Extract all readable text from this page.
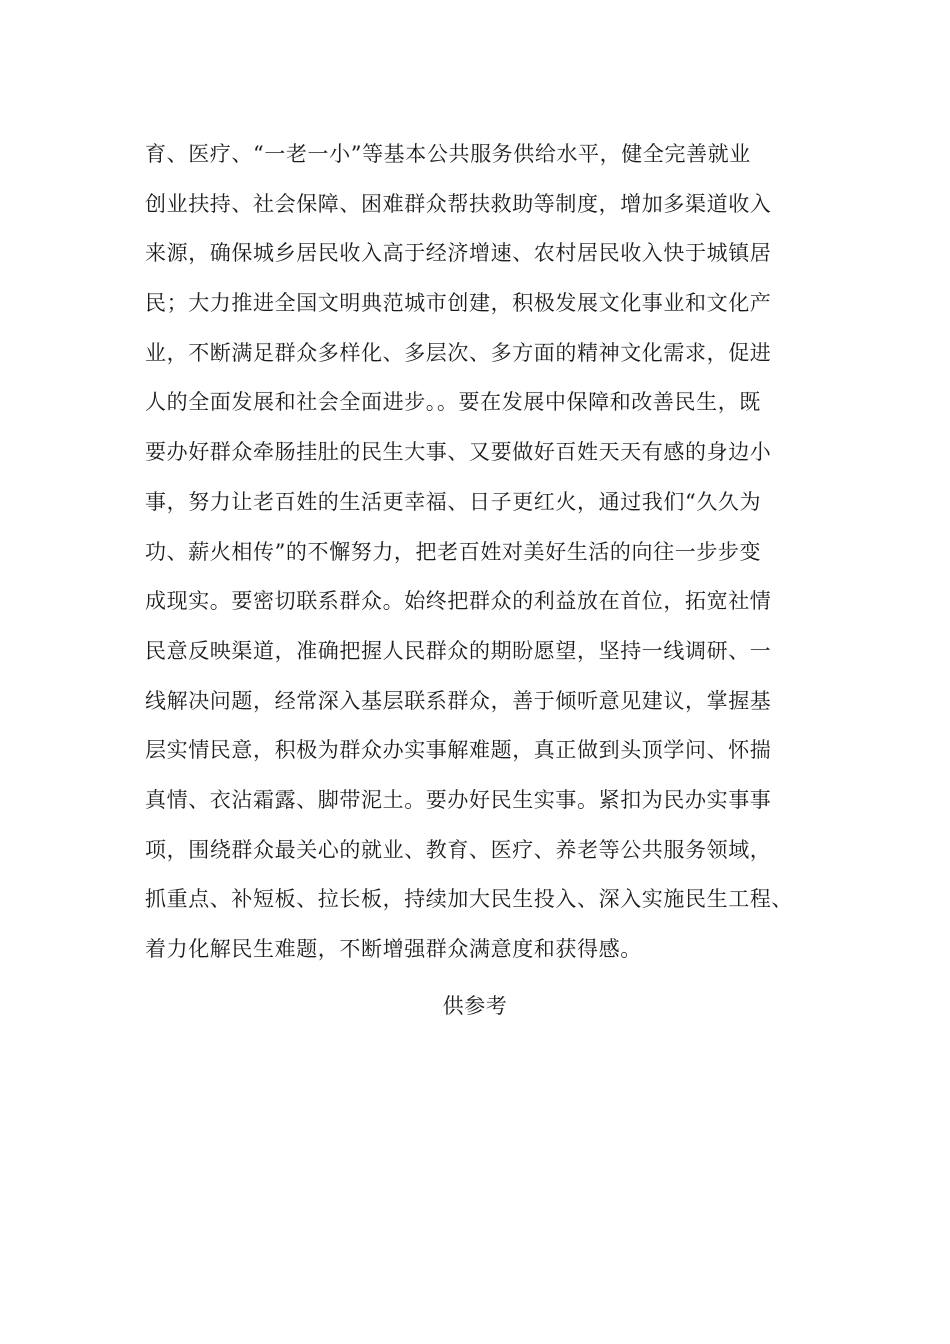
育、医疗、“一老一小”等基本公共服务供给水平，健全完善就业
创业扶持、社会保障、困难群众帮扶救助等制度，增加多渠道收入
来源，确保城乡居民收入高于经济增速、农村居民收入快于城镇居
民；大力推进全国文明典范城市创建，积极发展文化事业和文化产
业，不断满足群众多样化、多层次、多方面的精神文化需求，促进
人的全面发展和社会全面进步。。要在发展中保障和改善民生，既
要办好群众牵肠挂肚的民生大事、又要做好百姓天天有感的身边小
事，努力让老百姓的生活更幸福、日子更红火，通过我们“久久为
功、薪火相传”的不懈努力，把老百姓对美好生活的向往一步步变
成现实。要密切联系群众。始终把群众的利益放在首位，拓宽社情
民意反映渠道，准确把握人民群众的期盼愿望，坚持一线调研、一
线解决问题，经常深入基层联系群众，善于倾听意见建议，掌握基
层实情民意，积极为群众办实事解难题，真正做到头顶学问、怀揣
真情、衣沾霜露、脚带泥土。要办好民生实事。紧扣为民办实事事
项，围绕群众最关心的就业、教育、医疗、养老等公共服务领域，
抓重点、补短板、拉长板，持续加大民生投入、深入实施民生工程、
着力化解民生难题，不断增强群众满意度和获得感。
供参考
